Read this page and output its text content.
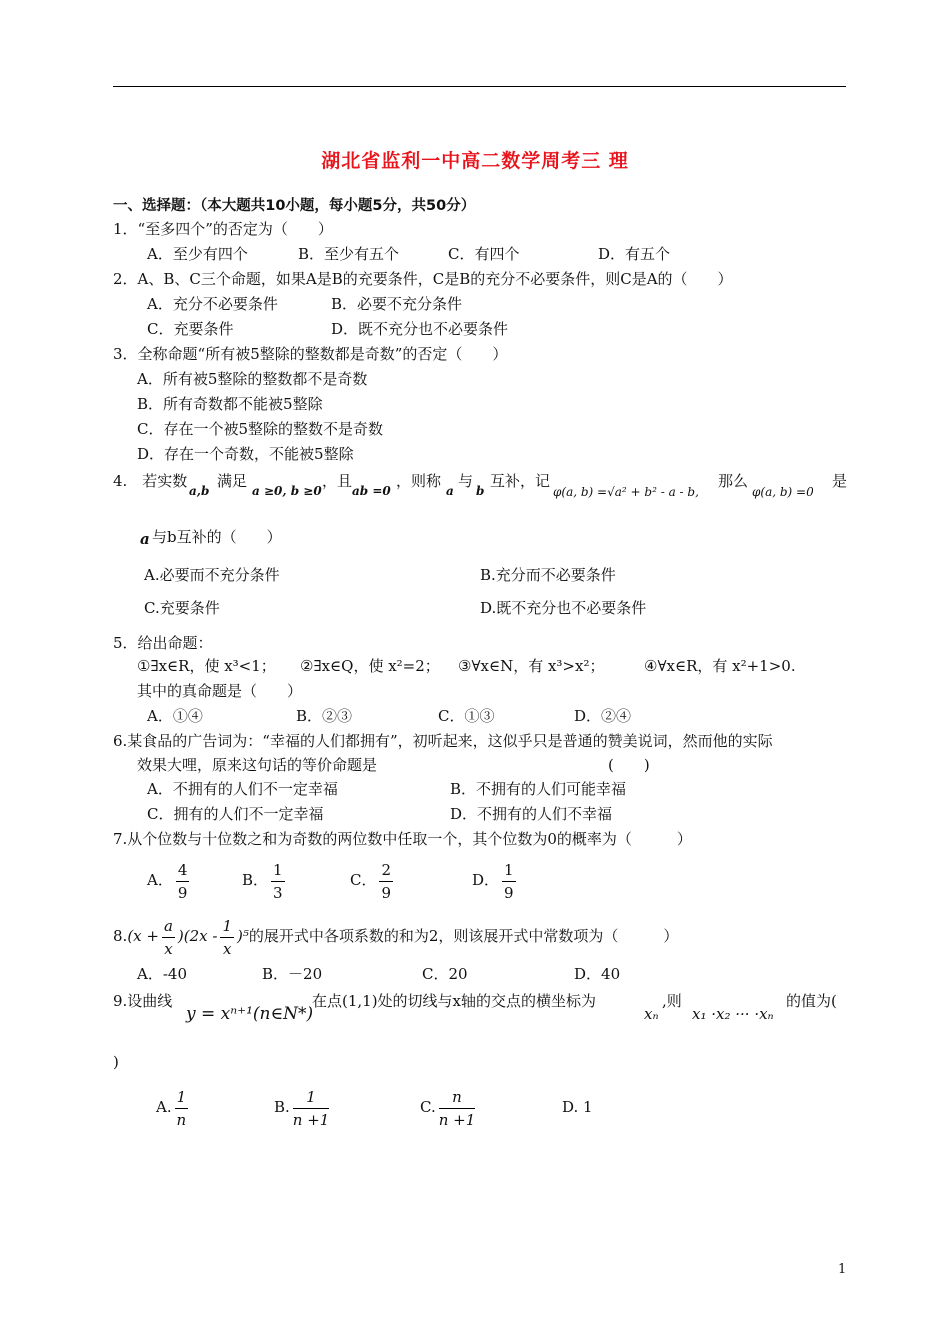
湖北省监利一中高二数学周考三 理
一、选择题：（本大题共10小题，每小题5分，共50分）
1．“至多四个”的否定为（　　）
A．至少有四个	B．至少有五个	C．有四个	D．有五个
2．A、B、C三个命题，如果A是B的充要条件，C是B的充分不必要条件，则C是A的（　　）
A．充分不必要条件	B．必要不充分条件
C．充要条件	D．既不充分也不必要条件
3．全称命题“所有被5整除的整数都是奇数”的否定（　　）
A．所有被5整除的整数都不是奇数
B．所有奇数都不能被5整除
C．存在一个被5整除的整数不是奇数
D．存在一个奇数，不能被5整除
4.　若实数
a,b
满足
a ≥0, b ≥0
，且
ab =0
，则称
a
与
b
互补，记
φ(a, b) =√a² + b² - a - b,
那么
φ(a, b) =0
是
a 与b互补的（　　）
A.必要而不充分条件	B.充分而不必要条件
C.充要条件	D.既不充分也不必要条件
5．给出命题：
①∃x∈R，使 x³<1； ②∃x∈Q，使 x²=2； ③∀x∈N，有 x³>x²；	④∀x∈R，有 x²+1>0.
其中的真命题是（　　）
A．①④	B．②③	C．①③	D．②④
6.某食品的广告词为：“幸福的人们都拥有”，初听起来，这似乎只是普通的赞美说词，然而他的实际
效果大哩，原来这句话的等价命题是	(　　)
A．不拥有的人们不一定幸福	B．不拥有的人们可能幸福
C．拥有的人们不一定幸福	D．不拥有的人们不幸福
7.从个位数与十位数之和为奇数的两位数中任取一个，其个位数为0的概率为（　　　）
A． $\frac{4}{9}$	B． $\frac{1}{3}$	C． $\frac{2}{9}$	D． $\frac{1}{9}$
$8.(x + \frac{a}{x} )(2x - \frac{1}{x} )^5$的展开式中各项系数的和为2，则该展开式中常数项为（　　　）
A．-40	B．－20	C．20	D．40
9.设曲线
y = xⁿ⁺¹(n∈N*)
在点(1,1)处的切线与x轴的交点的横坐标为
xₙ
,则
x₁ ·x₂ ··· ·xₙ
的值为(
)
A. $\frac{1}{n}$	B. $\frac{1}{n +1}$	C. $\frac{n}{n +1}$	D. 1
1
